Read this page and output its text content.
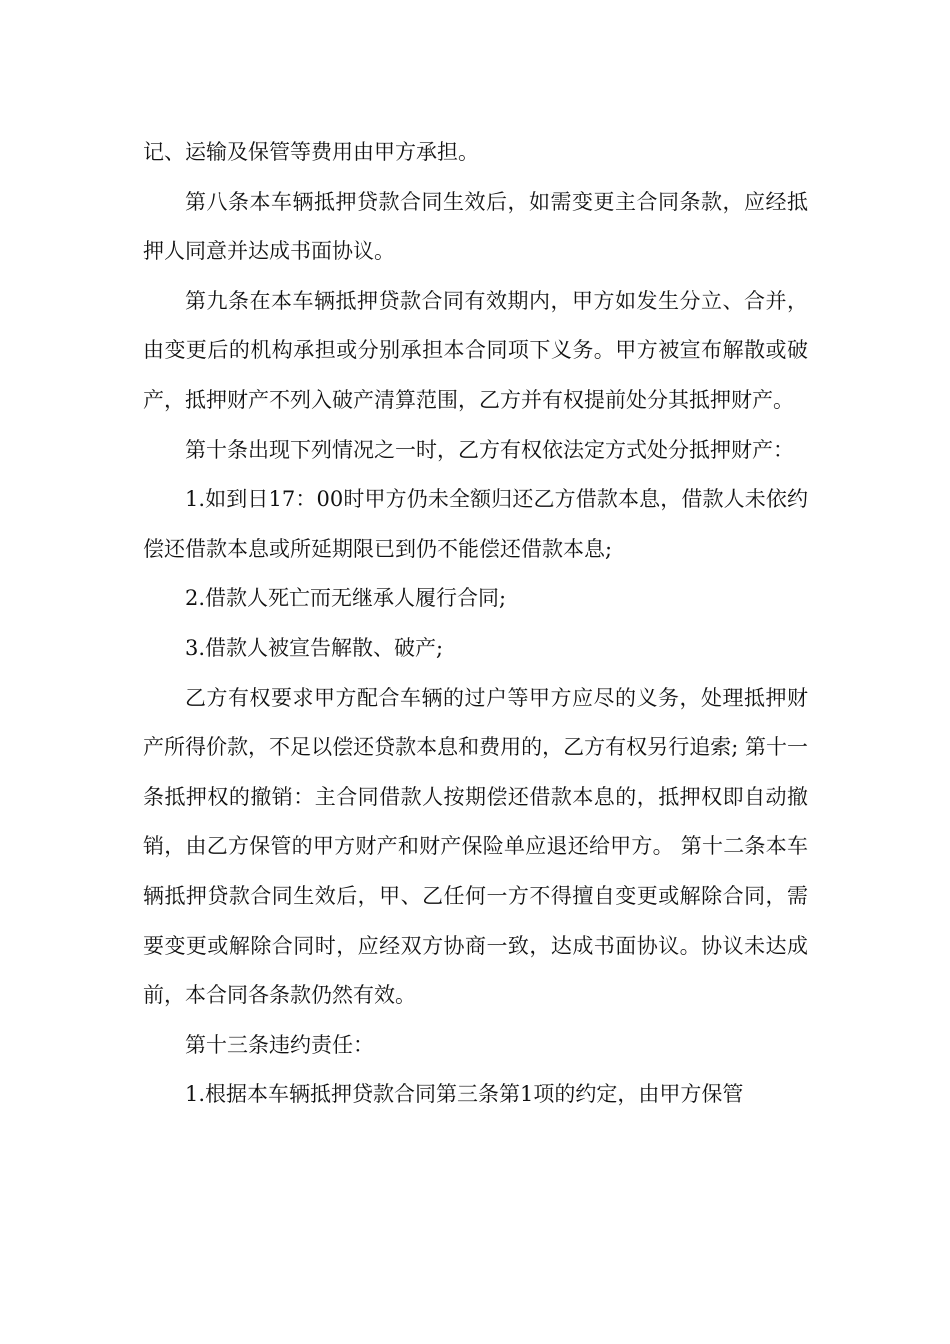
记、运输及保管等费用由甲方承担。

第八条本车辆抵押贷款合同生效后，如需变更主合同条款，应经抵押人同意并达成书面协议。

第九条在本车辆抵押贷款合同有效期内，甲方如发生分立、合并，由变更后的机构承担或分别承担本合同项下义务。甲方被宣布解散或破产，抵押财产不列入破产清算范围，乙方并有权提前处分其抵押财产。

第十条出现下列情况之一时，乙方有权依法定方式处分抵押财产：

1.如到日17：00时甲方仍未全额归还乙方借款本息，借款人未依约偿还借款本息或所延期限已到仍不能偿还借款本息;

2.借款人死亡而无继承人履行合同;

3.借款人被宣告解散、破产;

乙方有权要求甲方配合车辆的过户等甲方应尽的义务，处理抵押财产所得价款，不足以偿还贷款本息和费用的，乙方有权另行追索; 第十一条抵押权的撤销：主合同借款人按期偿还借款本息的，抵押权即自动撤销，由乙方保管的甲方财产和财产保险单应退还给甲方。 第十二条本车辆抵押贷款合同生效后，甲、乙任何一方不得擅自变更或解除合同，需要变更或解除合同时，应经双方协商一致，达成书面协议。协议未达成前，本合同各条款仍然有效。

第十三条违约责任：

1.根据本车辆抵押贷款合同第三条第1项的约定，由甲方保管
